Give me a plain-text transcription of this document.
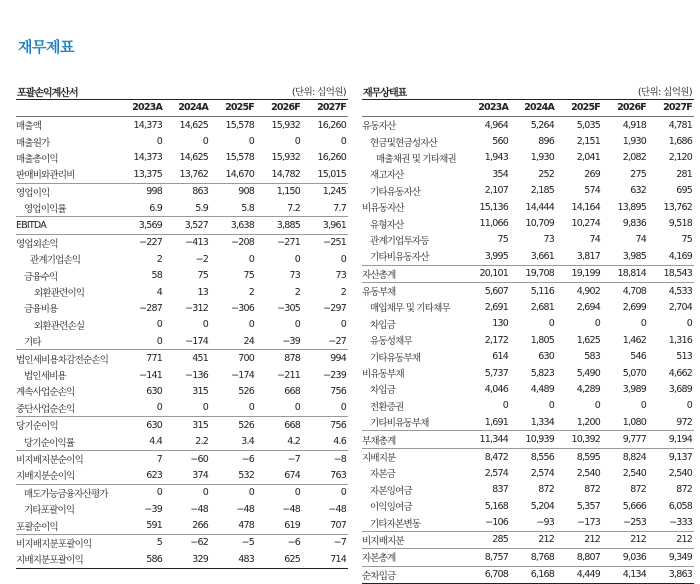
재무제표
포괄손익계산서	(단위: 십억원)
2023A	2024A	2025F	2026F	2027F
매출액	14,373	14,625	15,578	15,932	16,260
매출원가	0	0	0	0	0
매출총이익	14,373	14,625	15,578	15,932	16,260
판매비와관리비	13,375	13,762	14,670	14,782	15,015
영업이익	998	863	908	1,150	1,245
영업이익률	6.9	5.9	5.8	7.2	7.7
EBITDA	3,569	3,527	3,638	3,885	3,961
영업외손익	−227	−413	−208	−271	−251
관계기업손익	2	−2	0	0	0
금융수익	58	75	75	73	73
외환관련이익	4	13	2	2	2
금융비용	−287	−312	−306	−305	−297
외환관련손실	0	0	0	0	0
기타	0	−174	24	−39	−27
법인세비용차감전순손익	771	451	700	878	994
법인세비용	−141	−136	−174	−211	−239
계속사업순손익	630	315	526	668	756
중단사업순손익	0	0	0	0	0
당기순이익	630	315	526	668	756
당기순이익률	4.4	2.2	3.4	4.2	4.6
비지배지분순이익	7	−60	−6	−7	−8
지배지분순이익	623	374	532	674	763
매도가능금융자산평가	0	0	0	0	0
기타포괄이익	−39	−48	−48	−48	−48
포괄순이익	591	266	478	619	707
비지배지분포괄이익	5	−62	−5	−6	−7
지배지분포괄이익	586	329	483	625	714
재무상태표	(단위: 십억원)
2023A	2024A	2025F	2026F	2027F
유동자산	4,964	5,264	5,035	4,918	4,781
현금및현금성자산	560	896	2,151	1,930	1,686
매출채권 및 기타채권	1,943	1,930	2,041	2,082	2,120
재고자산	354	252	269	275	281
기타유동자산	2,107	2,185	574	632	695
비유동자산	15,136	14,444	14,164	13,895	13,762
유형자산	11,066	10,709	10,274	9,836	9,518
관계기업투자등	75	73	74	74	75
기타비유동자산	3,995	3,661	3,817	3,985	4,169
자산총계	20,101	19,708	19,199	18,814	18,543
유동부채	5,607	5,116	4,902	4,708	4,533
매입채무 및 기타채무	2,691	2,681	2,694	2,699	2,704
차입금	130	0	0	0	0
유동성채무	2,172	1,805	1,625	1,462	1,316
기타유동부채	614	630	583	546	513
비유동부채	5,737	5,823	5,490	5,070	4,662
차입금	4,046	4,489	4,289	3,989	3,689
전환증권	0	0	0	0	0
기타비유동부채	1,691	1,334	1,200	1,080	972
부채총계	11,344	10,939	10,392	9,777	9,194
지배지분	8,472	8,556	8,595	8,824	9,137
자본금	2,574	2,574	2,540	2,540	2,540
자본잉여금	837	872	872	872	872
이익잉여금	5,168	5,204	5,357	5,666	6,058
기타자본변동	−106	−93	−173	−253	−333
비지배지분	285	212	212	212	212
자본총계	8,757	8,768	8,807	9,036	9,349
순차입금	6,708	6,168	4,449	4,134	3,863
